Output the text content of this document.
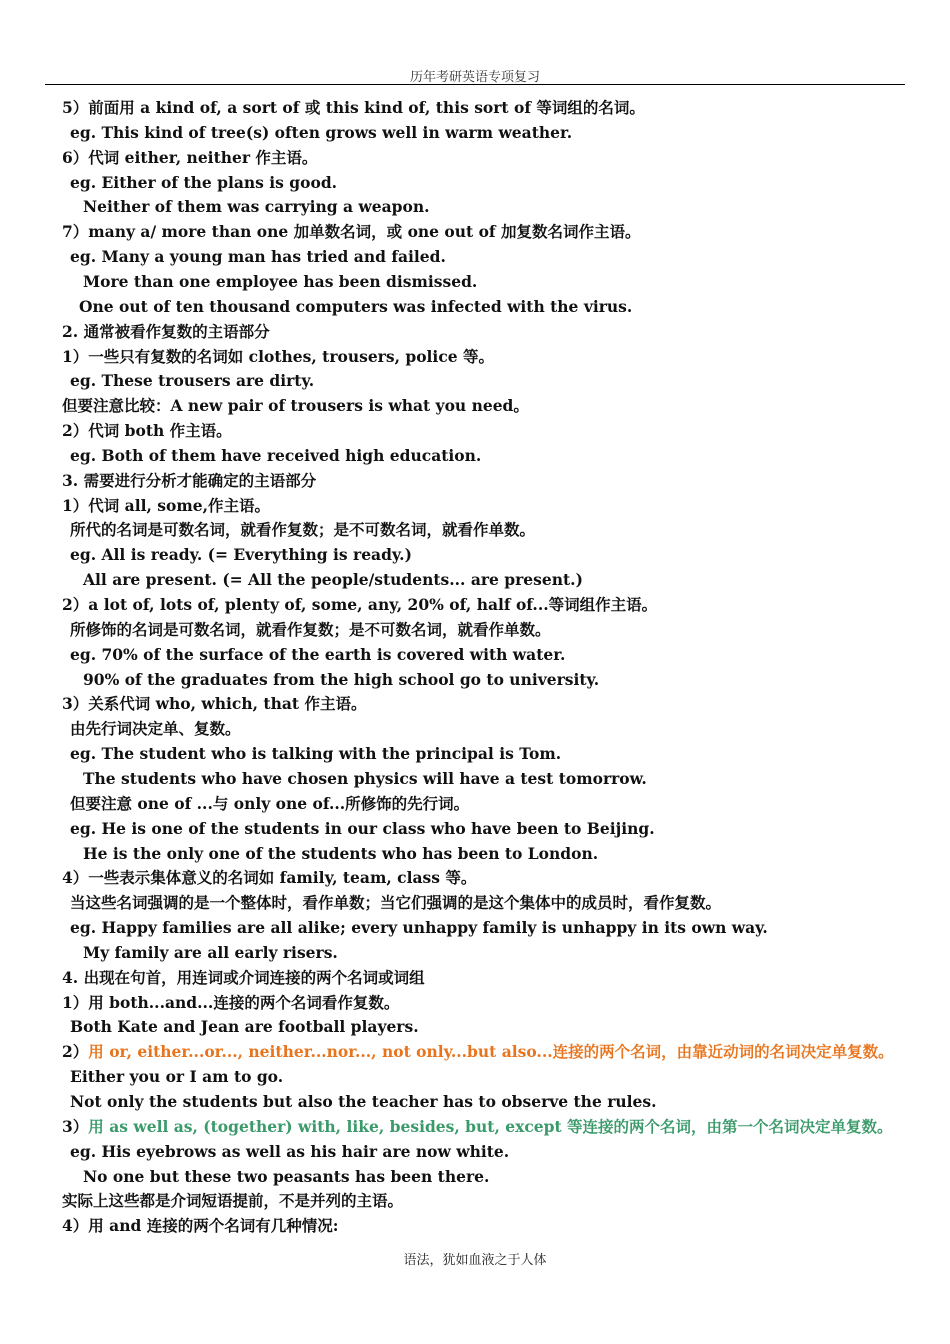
历年考研英语专项复习
5）前面用 a kind of, a sort of 或 this kind of, this sort of 等词组的名词。
eg. This kind of tree(s) often grows well in warm weather.
6）代词 either, neither 作主语。
eg. Either of the plans is good.
Neither of them was carrying a weapon.
7）many a/ more than one 加单数名词，或 one out of 加复数名词作主语。
eg. Many a young man has tried and failed.
More than one employee has been dismissed.
One out of ten thousand computers was infected with the virus.
2. 通常被看作复数的主语部分
1）一些只有复数的名词如 clothes, trousers, police 等。
eg. These trousers are dirty.
但要注意比较：A new pair of trousers is what you need。
2）代词 both 作主语。
eg. Both of them have received high education.
3. 需要进行分析才能确定的主语部分
1）代词 all, some,作主语。
所代的名词是可数名词，就看作复数；是不可数名词，就看作单数。
eg. All is ready. (= Everything is ready.)
All are present. (= All the people/students... are present.)
2）a lot of, lots of, plenty of, some, any, 20% of, half of...等词组作主语。
所修饰的名词是可数名词，就看作复数；是不可数名词，就看作单数。
eg. 70% of the surface of the earth is covered with water.
90% of the graduates from the high school go to university.
3）关系代词 who, which, that 作主语。
由先行词决定单、复数。
eg. The student who is talking with the principal is Tom.
The students who have chosen physics will have a test tomorrow.
但要注意 one of ...与 only one of...所修饰的先行词。
eg. He is one of the students in our class who have been to Beijing.
He is the only one of the students who has been to London.
4）一些表示集体意义的名词如 family, team, class 等。
当这些名词强调的是一个整体时，看作单数；当它们强调的是这个集体中的成员时，看作复数。
eg. Happy families are all alike; every unhappy family is unhappy in its own way.
My family are all early risers.
4. 出现在句首，用连词或介词连接的两个名词或词组
1）用 both...and...连接的两个名词看作复数。
Both Kate and Jean are football players.
2）用 or, either...or..., neither...nor..., not only...but also...连接的两个名词，由靠近动词的名词决定单复数。
Either you or I am to go.
Not only the students but also the teacher has to observe the rules.
3）用 as well as, (together) with, like, besides, but, except 等连接的两个名词，由第一个名词决定单复数。
eg. His eyebrows as well as his hair are now white.
No one but these two peasants has been there.
实际上这些都是介词短语提前，不是并列的主语。
4）用 and 连接的两个名词有几种情况:
语法，犹如血液之于人体
